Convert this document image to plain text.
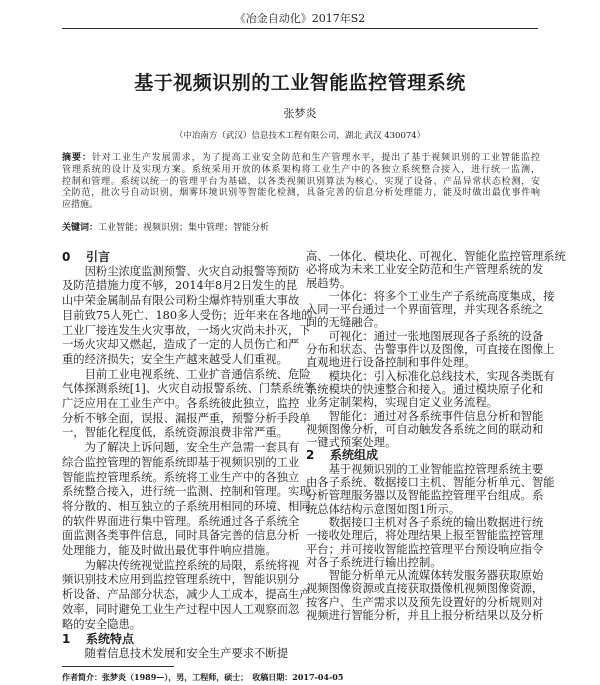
《冶金自动化》2017年S2
基于视频识别的工业智能监控管理系统
张梦炎
（中冶南方（武汉）信息技术工程有限公司，湖北 武汉 430074）
摘要：针对工业生产发展需求，为了提高工业安全防范和生产管理水平，提出了基于视频识别的工业智能监控
管理系统的设计及实现方案。系统采用开放的体系架构将工业生产中的各独立系统整合接入，进行统一监测，
控制和管理。系统以统一的管理平台为基础，以各类视频识别算法为核心，实现了设备、产品异常状态检测，安
全防范，批次号自动识别，烟雾环境识别等智能化检测，具备完善的信息分析处理能力，能及时做出最优事件响
应措施。
关键词：工业智能；视频识别；集中管理；智能分析
0 引言
因粉尘浓度监测预警、火灾自动报警等预防
及防范措施力度不够，2014年8月2日发生的昆
山中荣金属制品有限公司粉尘爆炸特别重大事故
目前致75人死亡、180多人受伤；近年来在各地的
工业厂接连发生火灾事故，一场火灾尚未扑灭，下
一场火灾却又燃起，造成了一定的人员伤亡和严
重的经济损失；安全生产越来越受人们重视。
目前工业电视系统、工业扩音通信系统、危险
气体探测系统[1]、火灾自动报警系统、门禁系统等
广泛应用在工业生产中。各系统彼此独立，监控
分析不够全面，误报、漏报严重，预警分析手段单
一，智能化程度低，系统资源浪费非常严重。
为了解决上诉问题，安全生产急需一套具有
综合监控管理的智能系统即基于视频识别的工业
智能监控管理系统。系统将工业生产中的各独立
系统整合接入，进行统一监测、控制和管理。实现
将分散的、相互独立的子系统用相同的环境、相同
的软件界面进行集中管理。系统通过各子系统全
面监测各类事件信息，同时具备完善的信息分析
处理能力，能及时做出最优事件响应措施。
为解决传统视觉监控系统的局限，系统将视
频识别技术应用到监控管理系统中，智能识别分
析设备、产品部分状态，减少人工成本，提高生产
效率，同时避免工业生产过程中因人工观察而忽
略的安全隐患。
1 系统特点
随着信息技术发展和安全生产要求不断提
高、一体化、模块化、可视化、智能化监控管理系统
必将成为未来工业安全防范和生产管理系统的发
展趋势。
一体化：将多个工业生产子系统高度集成，接
入同一平台通过一个界面管理，并实现各系统之
间的无缝融合。
可视化：通过一张地图展现各子系统的设备
分布和状态、告警事件以及图像，可直接在图像上
直观地进行设备控制和事件处理。
模块化：引入标准化总线技术，实现各类既有
系统模块的快速整合和接入。通过模块原子化和
业务定制架构，实现自定义业务流程。
智能化：通过对各系统事件信息分析和智能
视频图像分析，可自动触发各系统之间的联动和
一键式预案处理。
2 系统组成
基于视频识别的工业智能监控管理系统主要
由各子系统、数据接口主机、智能分析单元、智能
分析管理服务器以及智能监控管理平台组成。系
统总体结构示意图如图1所示。
数据接口主机对各子系统的输出数据进行统
一接收处理后，将处理结果上报至智能监控管理
平台；并可接收智能监控管理平台预设响应指令
对各子系统进行输出控制。
智能分析单元从流媒体转发服务器获取原始
视频图像资源或直接获取摄像机视频图像资源，
按客户、生产需求以及预先设置好的分析规则对
视频进行智能分析，并且上报分析结果以及分析
作者简介：张梦炎（1989—），男，工程师，硕士；　收稿日期：2017-04-05
